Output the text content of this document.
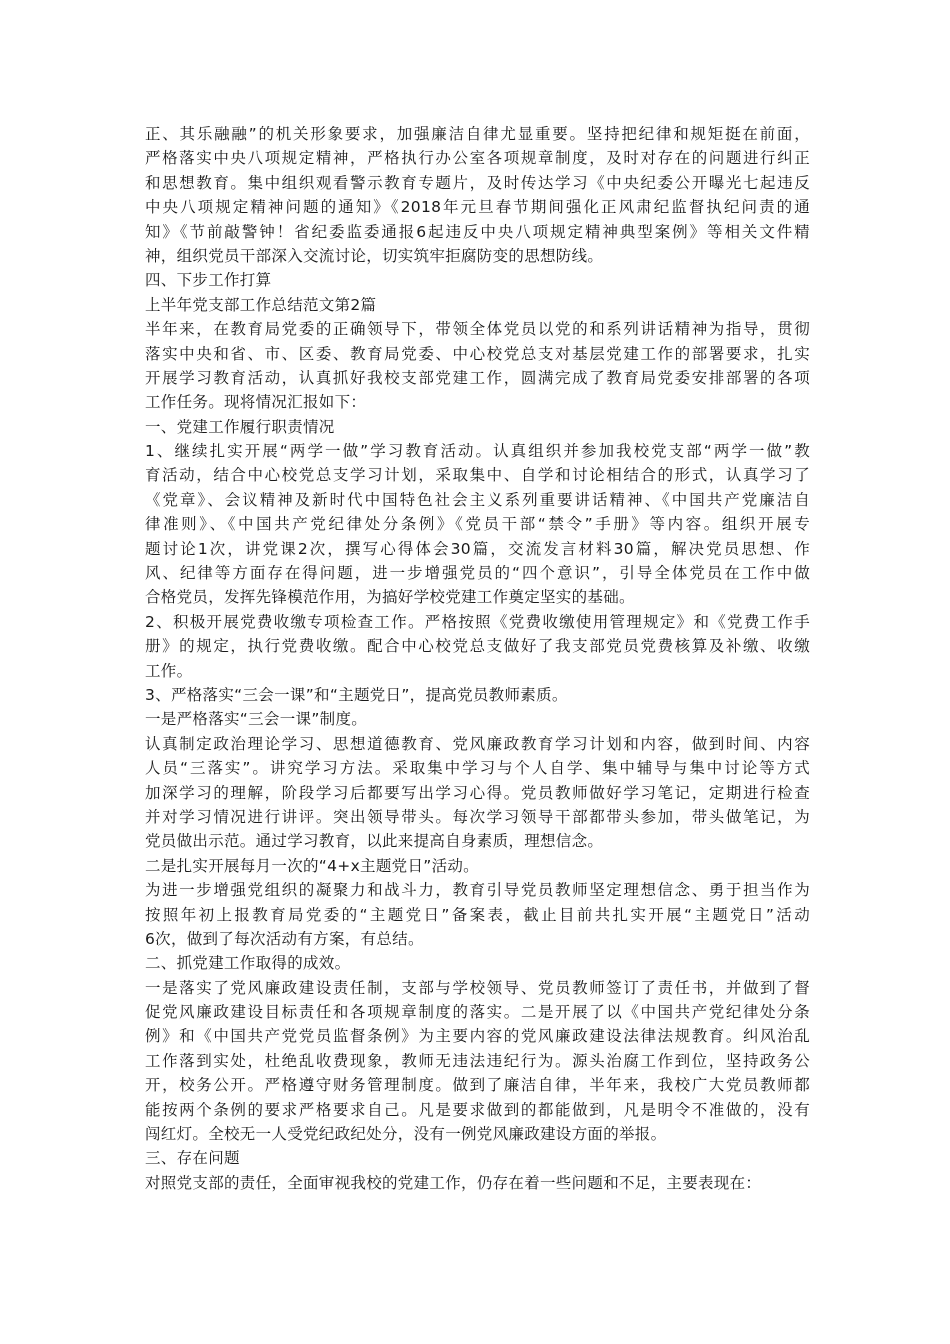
正、其乐融融”的机关形象要求，加强廉洁自律尤显重要。坚持把纪律和规矩挺在前面，
严格落实中央八项规定精神，严格执行办公室各项规章制度，及时对存在的问题进行纠正
和思想教育。集中组织观看警示教育专题片，及时传达学习《中央纪委公开曝光七起违反
中央八项规定精神问题的通知》《2018年元旦春节期间强化正风肃纪监督执纪问责的通
知》《节前敲警钟！省纪委监委通报6起违反中央八项规定精神典型案例》等相关文件精
神，组织党员干部深入交流讨论，切实筑牢拒腐防变的思想防线。
四、下步工作打算
上半年党支部工作总结范文第2篇
半年来，在教育局党委的正确领导下，带领全体党员以党的和系列讲话精神为指导，贯彻
落实中央和省、市、区委、教育局党委、中心校党总支对基层党建工作的部署要求，扎实
开展学习教育活动，认真抓好我校支部党建工作，圆满完成了教育局党委安排部署的各项
工作任务。现将情况汇报如下：
一、党建工作履行职责情况
1、继续扎实开展“两学一做”学习教育活动。认真组织并参加我校党支部“两学一做”教
育活动，结合中心校党总支学习计划，采取集中、自学和讨论相结合的形式，认真学习了
《党章》、会议精神及新时代中国特色社会主义系列重要讲话精神、《中国共产党廉洁自
律准则》、《中国共产党纪律处分条例》《党员干部“禁令”手册》等内容。组织开展专
题讨论1次，讲党课2次，撰写心得体会30篇，交流发言材料30篇，解决党员思想、作
风、纪律等方面存在得问题，进一步增强党员的“四个意识”，引导全体党员在工作中做
合格党员，发挥先锋模范作用，为搞好学校党建工作奠定坚实的基础。
2、积极开展党费收缴专项检查工作。严格按照《党费收缴使用管理规定》和《党费工作手
册》的规定，执行党费收缴。配合中心校党总支做好了我支部党员党费核算及补缴、收缴
工作。
3、严格落实“三会一课”和“主题党日”，提高党员教师素质。
一是严格落实“三会一课”制度。
认真制定政治理论学习、思想道德教育、党风廉政教育学习计划和内容，做到时间、内容
人员“三落实”。讲究学习方法。采取集中学习与个人自学、集中辅导与集中讨论等方式
加深学习的理解，阶段学习后都要写出学习心得。党员教师做好学习笔记，定期进行检查
并对学习情况进行讲评。突出领导带头。每次学习领导干部都带头参加，带头做笔记，为
党员做出示范。通过学习教育，以此来提高自身素质，理想信念。
二是扎实开展每月一次的“4+x主题党日”活动。
为进一步增强党组织的凝聚力和战斗力，教育引导党员教师坚定理想信念、勇于担当作为
按照年初上报教育局党委的“主题党日”备案表，截止目前共扎实开展“主题党日”活动
6次，做到了每次活动有方案，有总结。
二、抓党建工作取得的成效。
一是落实了党风廉政建设责任制，支部与学校领导、党员教师签订了责任书，并做到了督
促党风廉政建设目标责任和各项规章制度的落实。二是开展了以《中国共产党纪律处分条
例》和《中国共产党党员监督条例》为主要内容的党风廉政建设法律法规教育。纠风治乱
工作落到实处，杜绝乱收费现象，教师无违法违纪行为。源头治腐工作到位，坚持政务公
开，校务公开。严格遵守财务管理制度。做到了廉洁自律，半年来，我校广大党员教师都
能按两个条例的要求严格要求自己。凡是要求做到的都能做到，凡是明令不准做的，没有
闯红灯。全校无一人受党纪政纪处分，没有一例党风廉政建设方面的举报。
三、存在问题
对照党支部的责任，全面审视我校的党建工作，仍存在着一些问题和不足，主要表现在：
